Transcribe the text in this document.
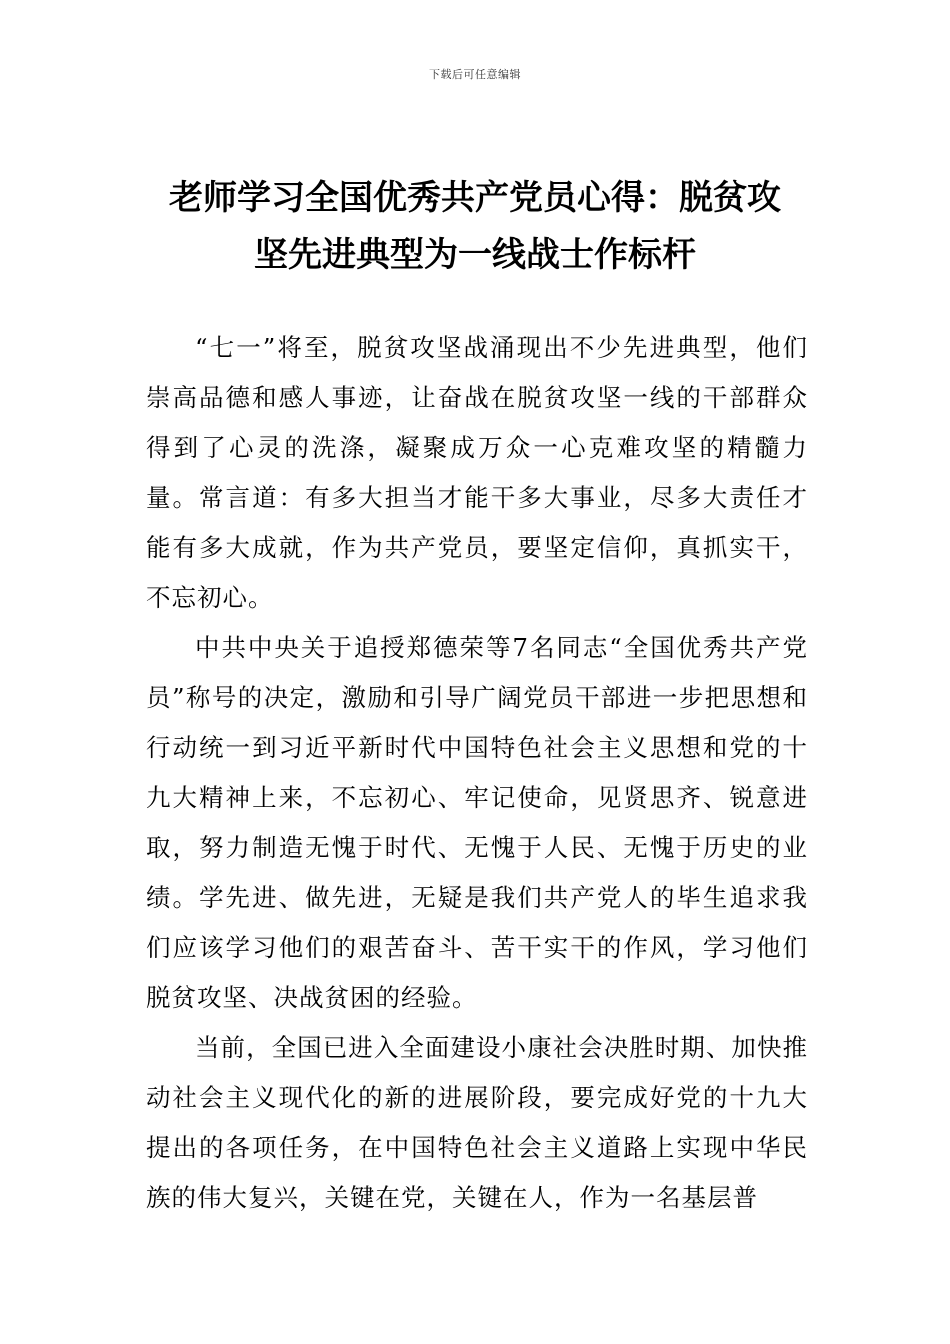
下载后可任意编辑
老师学习全国优秀共产党员心得：脱贫攻
坚先进典型为一线战士作标杆

“七一”将至，脱贫攻坚战涌现出不少先进典型，他们崇高品德和感人事迹，让奋战在脱贫攻坚一线的干部群众得到了心灵的洗涤，凝聚成万众一心克难攻坚的精髓力量。常言道：有多大担当才能干多大事业，尽多大责任才能有多大成就，作为共产党员，要坚定信仰，真抓实干，不忘初心。

中共中央关于追授郑德荣等7名同志“全国优秀共产党员”称号的决定，激励和引导广阔党员干部进一步把思想和行动统一到习近平新时代中国特色社会主义思想和党的十九大精神上来，不忘初心、牢记使命，见贤思齐、锐意进取，努力制造无愧于时代、无愧于人民、无愧于历史的业绩。学先进、做先进，无疑是我们共产党人的毕生追求我们应该学习他们的艰苦奋斗、苦干实干的作风，学习他们脱贫攻坚、决战贫困的经验。

当前，全国已进入全面建设小康社会决胜时期、加快推动社会主义现代化的新的进展阶段，要完成好党的十九大提出的各项任务，在中国特色社会主义道路上实现中华民族的伟大复兴，关键在党，关键在人，作为一名基层普
